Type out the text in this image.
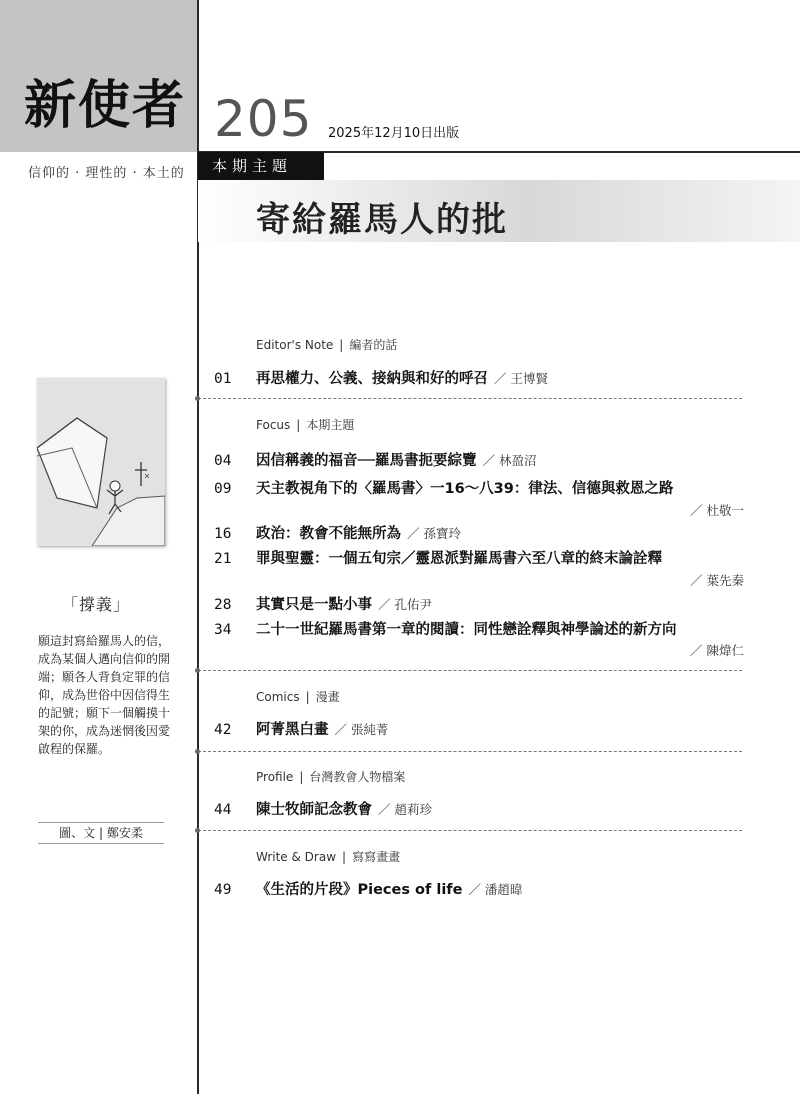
新使者
信仰的 · 理性的 · 本土的
「撐義」
願這封寫給羅馬人的信，成為某個人邁向信仰的開端；願各人背負定罪的信仰，成為世俗中因信得生的記號；願下一個觸摸十架的你，成為迷惘後因愛啟程的保羅。
圖、文 | 鄭安柔
205 2025年12月10日出版
本期主題
寄給羅馬人的批
Editor's Note | 編者的話
01 再思權力、公義、接納與和好的呼召 ／ 王博賢
Focus | 本期主題
04 因信稱義的福音──羅馬書扼要綜覽 ／ 林盈沼
09 天主教視角下的〈羅馬書〉一16～八39：律法、信德與救恩之路
／ 杜敬一
16 政治：教會不能無所為 ／ 孫寶玲
21 罪與聖靈：一個五旬宗／靈恩派對羅馬書六至八章的終末論詮釋
／ 葉先秦
28 其實只是一點小事 ／ 孔佑尹
34 二十一世紀羅馬書第一章的閱讀：同性戀詮釋與神學論述的新方向
／ 陳煒仁
Comics | 漫畫
42 阿菁黑白畫 ／ 張純菁
Profile | 台灣教會人物檔案
44 陳士牧師記念教會 ／ 趙莉珍
Write & Draw | 寫寫畫畫
49 《生活的片段》Pieces of life ／ 潘趙暐
